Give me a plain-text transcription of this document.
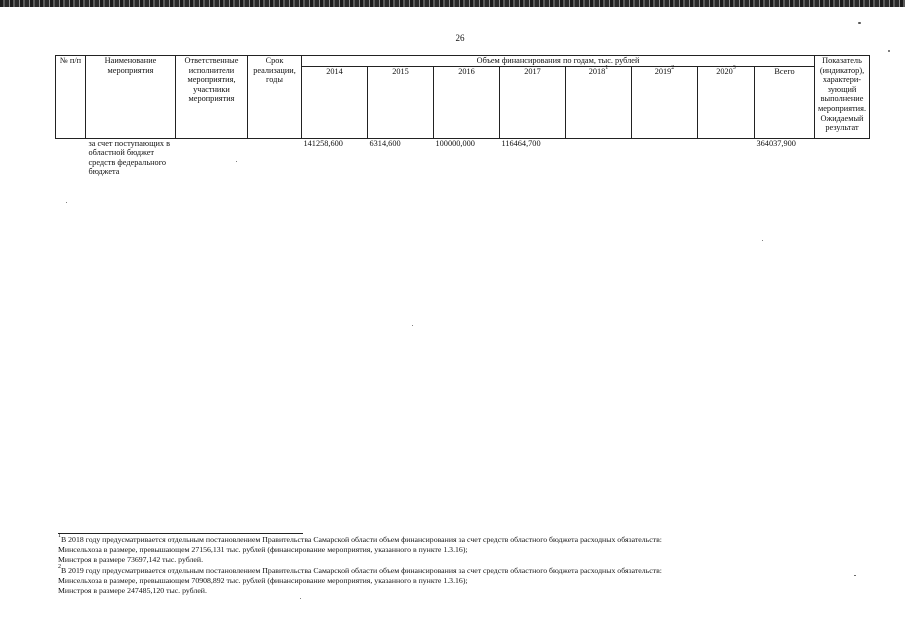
26
№ п/п	Наименование мероприятия	Ответственные исполнители мероприятия, участники мероприятия	Срок реализации, годы	Объем финансирования по годам, тыс. рублей								Показатель (индикатор), характери-зующий выполнение мероприятия. Ожидаемый результат
				2014	2015	2016	2017	2018$^1$	2019$^2$	2020$^3$	Всего	
	за счет поступающих в областной бюджет средств федерального бюджета			141258,600	6314,600	100000,000	116464,700				364037,900	

$^1$В 2018 году предусматривается отдельным постановлением Правительства Самарской области объем финансирования за счет средств областного бюджета расходных обязательств:

Минсельхоза в размере, превышающем 27156,131 тыс. рублей (финансирование мероприятия, указанного в пункте 1.3.16);

Минстроя в размере 73697,142 тыс. рублей.

$^2$В 2019 году предусматривается отдельным постановлением Правительства Самарской области объем финансирования за счет средств областного бюджета расходных обязательств:

Минсельхоза в размере, превышающем 70908,892 тыс. рублей (финансирование мероприятия, указанного в пункте 1.3.16);

Минстроя в размере 247485,120 тыс. рублей.
